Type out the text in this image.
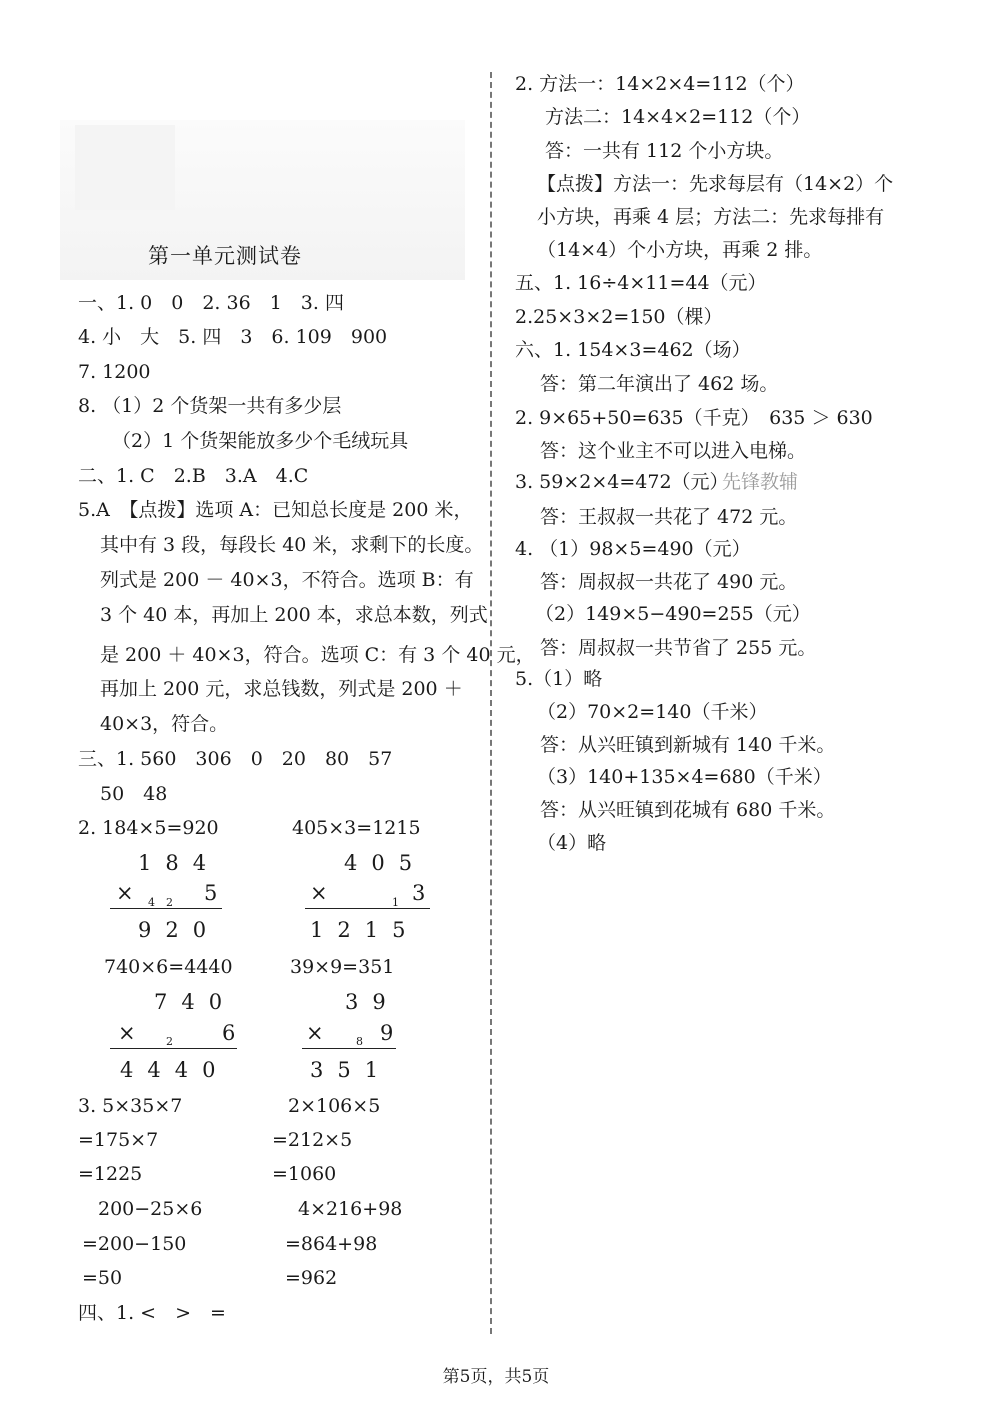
第一单元测试卷
一、1. 0　0　2. 36　1　3. 四
4. 小　大　5. 四　3　6. 109　900
7. 1200
8. （1）2 个货架一共有多少层
（2）1 个货架能放多少个毛绒玩具
二、1. C　2.B　3.A　4.C
5.A　【点拨】选项 A：已知总长度是 200 米，
其中有 3 段，每段长 40 米，求剩下的长度。
列式是 200 － 40×3，不符合。选项 B：有
3 个 40 本，再加上 200 本，求总本数，列式
是 200 ＋ 40×3，符合。选项 C：有 3 个 40 元，
再加上 200 元，求总钱数，列式是 200 ＋
40×3，符合。
三、1. 560　306　0　20　80　57
50　48
2. 184×5=920	405×3=1215
184
× 4　2 5
920
405
×	1 3
1215
740×6=4440	39×9=351
740
×	2 6
4440
39
×	8 9
351
3. 5×35×7
=175×7
=1225
2×106×5
=212×5
=1060
200−25×6
=200−150
=50
4×216+98
=864+98
=962
四、1. <　>　=
2. 方法一：14×2×4=112（个）
方法二：14×4×2=112（个）
答：一共有 112 个小方块。
【点拨】方法一：先求每层有（14×2）个
小方块，再乘 4 层；方法二：先求每排有
（14×4）个小方块，再乘 2 排。
五、1. 16÷4×11=44（元）
2.25×3×2=150（棵）
六、1. 154×3=462（场）
答：第二年演出了 462 场。
2. 9×65+50=635（千克）　635 ＞ 630
答：这个业主不可以进入电梯。
3. 59×2×4=472（元）
先锋教辅
答：王叔叔一共花了 472 元。
4. （1）98×5=490（元）
答：周叔叔一共花了 490 元。
（2）149×5−490=255（元）
答：周叔叔一共节省了 255 元。
5.（1）略
（2）70×2=140（千米）
答：从兴旺镇到新城有 140 千米。
（3）140+135×4=680（千米）
答：从兴旺镇到花城有 680 千米。
（4）略
第5页，共5页
